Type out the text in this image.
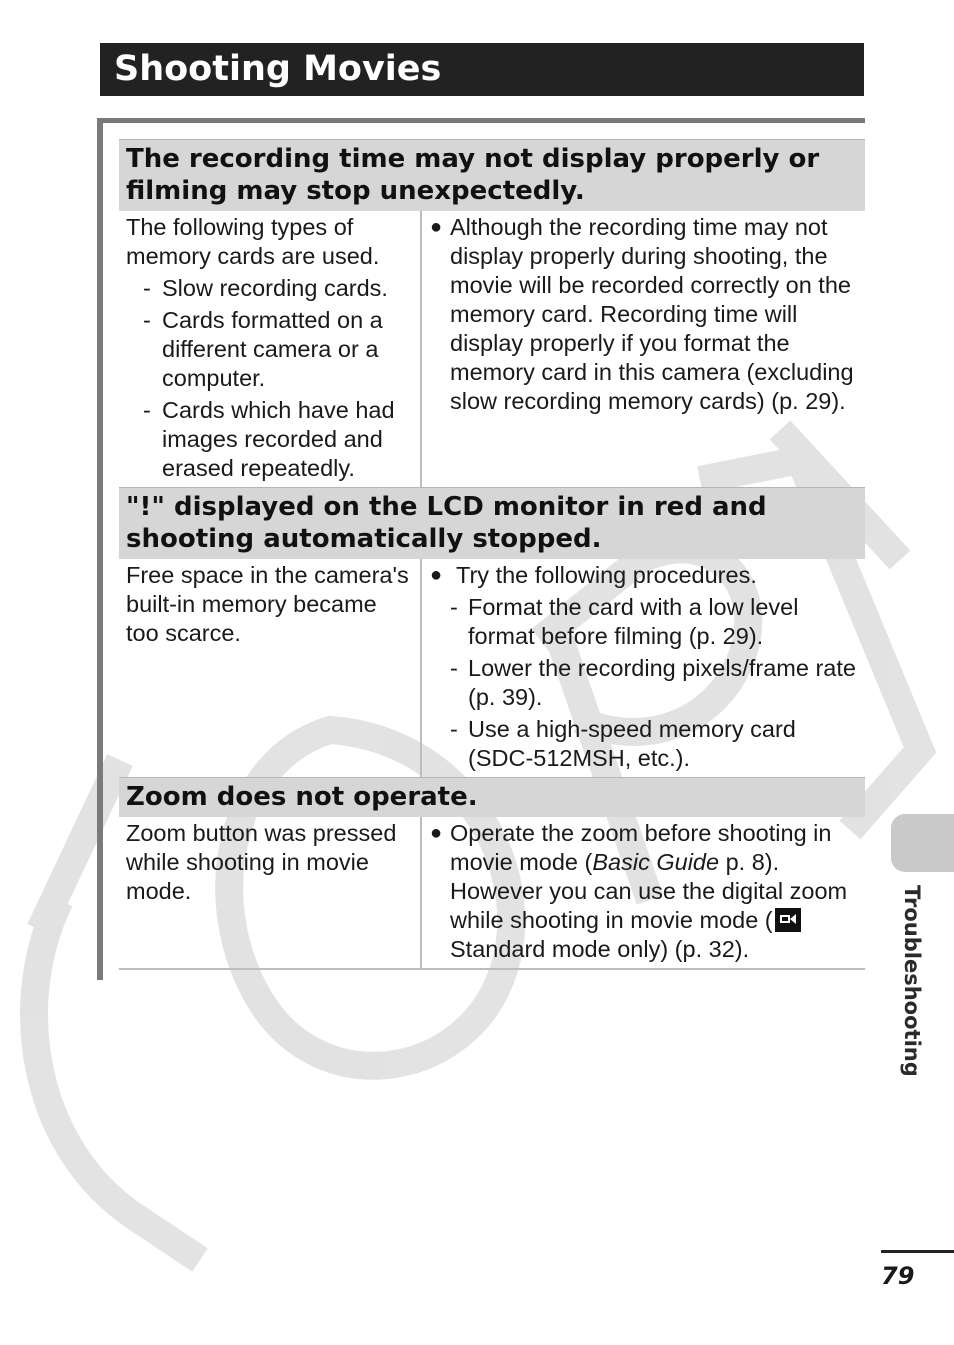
Shooting Movies
The recording time may not display properly or filming may stop unexpectedly.
The following types of memory cards are used.
- Slow recording cards.
- Cards formatted on a different camera or a computer.
- Cards which have had images recorded and erased repeatedly.
● Although the recording time may not display properly during shooting, the movie will be recorded correctly on the memory card. Recording time will display properly if you format the memory card in this camera (excluding slow recording memory cards) (p. 29).
"!" displayed on the LCD monitor in red and shooting automatically stopped.
Free space in the camera's built-in memory became too scarce.
● Try the following procedures.
- Format the card with a low level format before filming (p. 29).
- Lower the recording pixels/frame rate (p. 39).
- Use a high-speed memory card (SDC-512MSH, etc.).
Zoom does not operate.
Zoom button was pressed while shooting in movie mode.
● Operate the zoom before shooting in movie mode (Basic Guide p. 8). However you can use the digital zoom while shooting in movie mode ( Standard mode only) (p. 32).	Troubleshooting
79
